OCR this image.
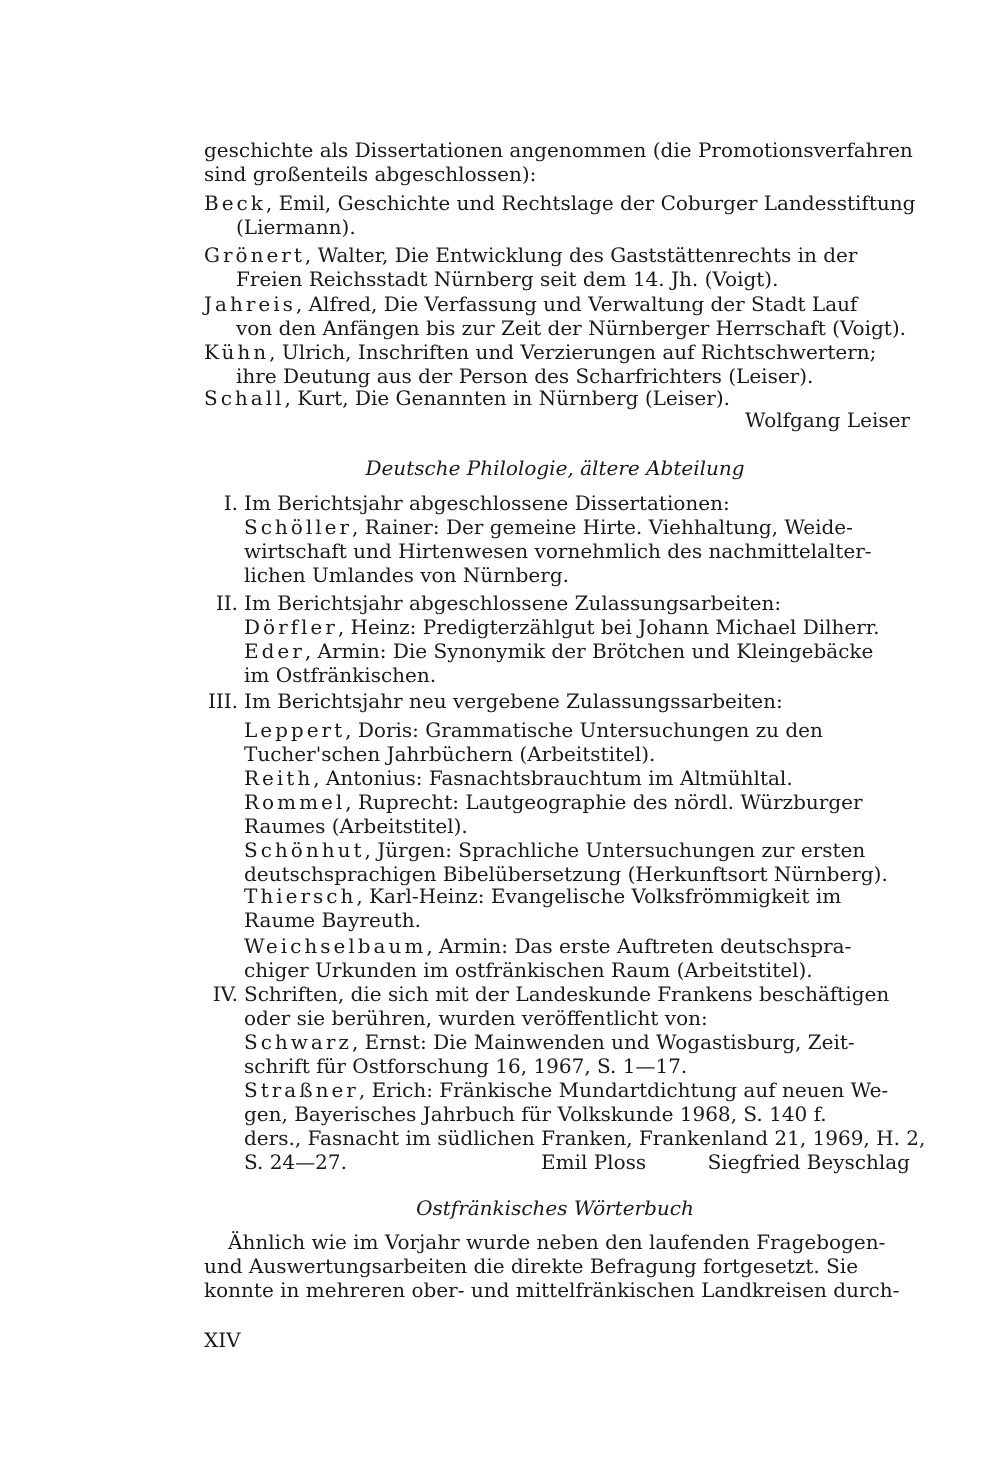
geschichte als Dissertationen angenommen (die Promotionsverfahren
sind großenteils abgeschlossen):
Beck, Emil, Geschichte und Rechtslage der Coburger Landesstiftung
(Liermann).
Grönert, Walter, Die Entwicklung des Gaststättenrechts in der
Freien Reichsstadt Nürnberg seit dem 14. Jh. (Voigt).
Jahreis, Alfred, Die Verfassung und Verwaltung der Stadt Lauf
von den Anfängen bis zur Zeit der Nürnberger Herrschaft (Voigt).
Kühn, Ulrich, Inschriften und Verzierungen auf Richtschwertern;
ihre Deutung aus der Person des Scharfrichters (Leiser).
Schall, Kurt, Die Genannten in Nürnberg (Leiser).
Wolfgang Leiser
Deutsche Philologie, ältere Abteilung
I. Im Berichtsjahr abgeschlossene Dissertationen:
Schöller, Rainer: Der gemeine Hirte. Viehhaltung, Weide-
wirtschaft und Hirtenwesen vornehmlich des nachmittelalter-
lichen Umlandes von Nürnberg.
II. Im Berichtsjahr abgeschlossene Zulassungsarbeiten:
Dörfler, Heinz: Predigterzählgut bei Johann Michael Dilherr.
Eder, Armin: Die Synonymik der Brötchen und Kleingebäcke
im Ostfränkischen.
III. Im Berichtsjahr neu vergebene Zulassungssarbeiten:
Leppert, Doris: Grammatische Untersuchungen zu den
Tucher'schen Jahrbüchern (Arbeitstitel).
Reith, Antonius: Fasnachtsbrauchtum im Altmühltal.
Rommel, Ruprecht: Lautgeographie des nördl. Würzburger
Raumes (Arbeitstitel).
Schönhut, Jürgen: Sprachliche Untersuchungen zur ersten
deutschsprachigen Bibelübersetzung (Herkunftsort Nürnberg).
Thiersch, Karl-Heinz: Evangelische Volksfrömmigkeit im
Raume Bayreuth.
Weichselbaum, Armin: Das erste Auftreten deutschspra-
chiger Urkunden im ostfränkischen Raum (Arbeitstitel).
IV. Schriften, die sich mit der Landeskunde Frankens beschäftigen
oder sie berühren, wurden veröffentlicht von:
Schwarz, Ernst: Die Mainwenden und Wogastisburg, Zeit-
schrift für Ostforschung 16, 1967, S. 1—17.
Straßner, Erich: Fränkische Mundartdichtung auf neuen We-
gen, Bayerisches Jahrbuch für Volkskunde 1968, S. 140 f.
ders., Fasnacht im südlichen Franken, Frankenland 21, 1969, H. 2,
S. 24—27.	Emil Ploss	Siegfried Beyschlag
Ostfränkisches Wörterbuch
Ähnlich wie im Vorjahr wurde neben den laufenden Fragebogen-
und Auswertungsarbeiten die direkte Befragung fortgesetzt. Sie
konnte in mehreren ober- und mittelfränkischen Landkreisen durch-
XIV
